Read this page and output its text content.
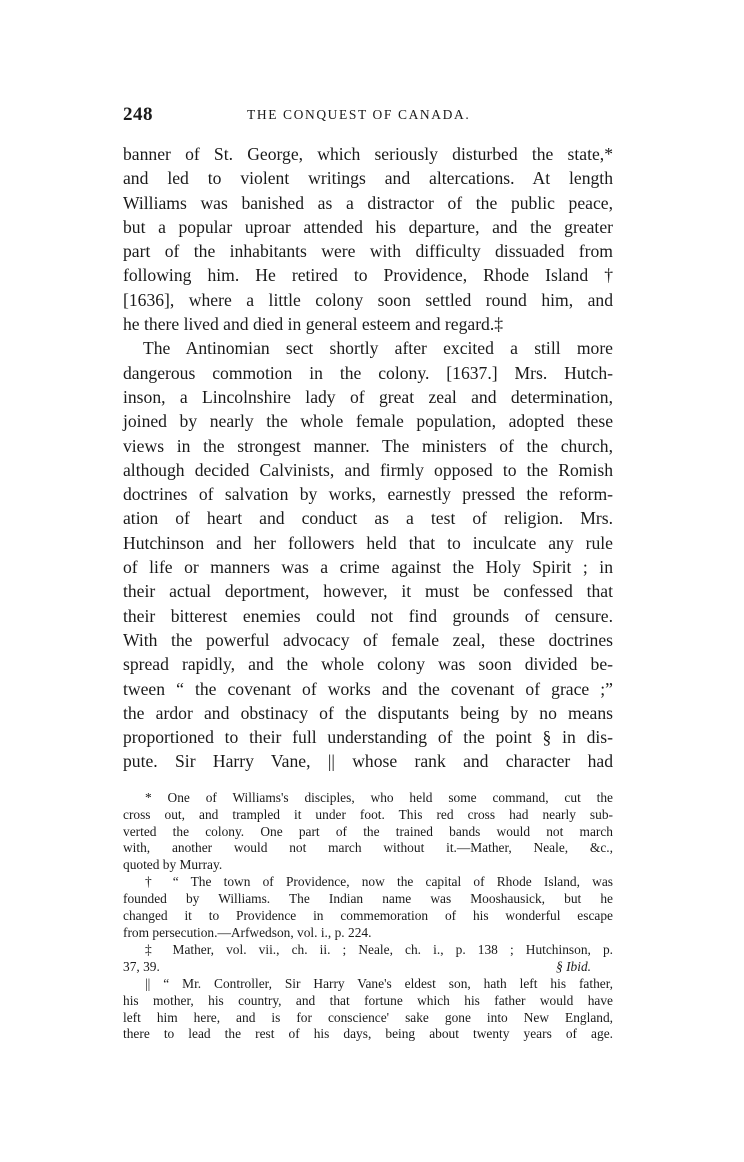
248	THE CONQUEST OF CANADA.

banner of St. George, which seriously disturbed the state,*
and led to violent writings and altercations. At length
Williams was banished as a distractor of the public peace,
but a popular uproar attended his departure, and the greater
part of the inhabitants were with difficulty dissuaded from
following him. He retired to Providence, Rhode Island †
[1636], where a little colony soon settled round him, and
he there lived and died in general esteem and regard.‡

The Antinomian sect shortly after excited a still more
dangerous commotion in the colony. [1637.] Mrs. Hutch-
inson, a Lincolnshire lady of great zeal and determination,
joined by nearly the whole female population, adopted these
views in the strongest manner. The ministers of the church,
although decided Calvinists, and firmly opposed to the Romish
doctrines of salvation by works, earnestly pressed the reform-
ation of heart and conduct as a test of religion. Mrs.
Hutchinson and her followers held that to inculcate any rule
of life or manners was a crime against the Holy Spirit ; in
their actual deportment, however, it must be confessed that
their bitterest enemies could not find grounds of censure.
With the powerful advocacy of female zeal, these doctrines
spread rapidly, and the whole colony was soon divided be-
tween “ the covenant of works and the covenant of grace ;”
the ardor and obstinacy of the disputants being by no means
proportioned to their full understanding of the point § in dis-
pute. Sir Harry Vane, || whose rank and character had

* One of Williams's disciples, who held some command, cut the
cross out, and trampled it under foot. This red cross had nearly sub-
verted the colony. One part of the trained bands would not march
with, another would not march without it.—Mather, Neale, &c.,
quoted by Murray.
† “ The town of Providence, now the capital of Rhode Island, was
founded by Williams. The Indian name was Mooshausick, but he
changed it to Providence in commemoration of his wonderful escape
from persecution.—Arfwedson, vol. i., p. 224.
‡ Mather, vol. vii., ch. ii. ; Neale, ch. i., p. 138 ; Hutchinson, p.
37, 39.	§ Ibid.
|| “ Mr. Controller, Sir Harry Vane's eldest son, hath left his father,
his mother, his country, and that fortune which his father would have
left him here, and is for conscience' sake gone into New England,
there to lead the rest of his days, being about twenty years of age.
